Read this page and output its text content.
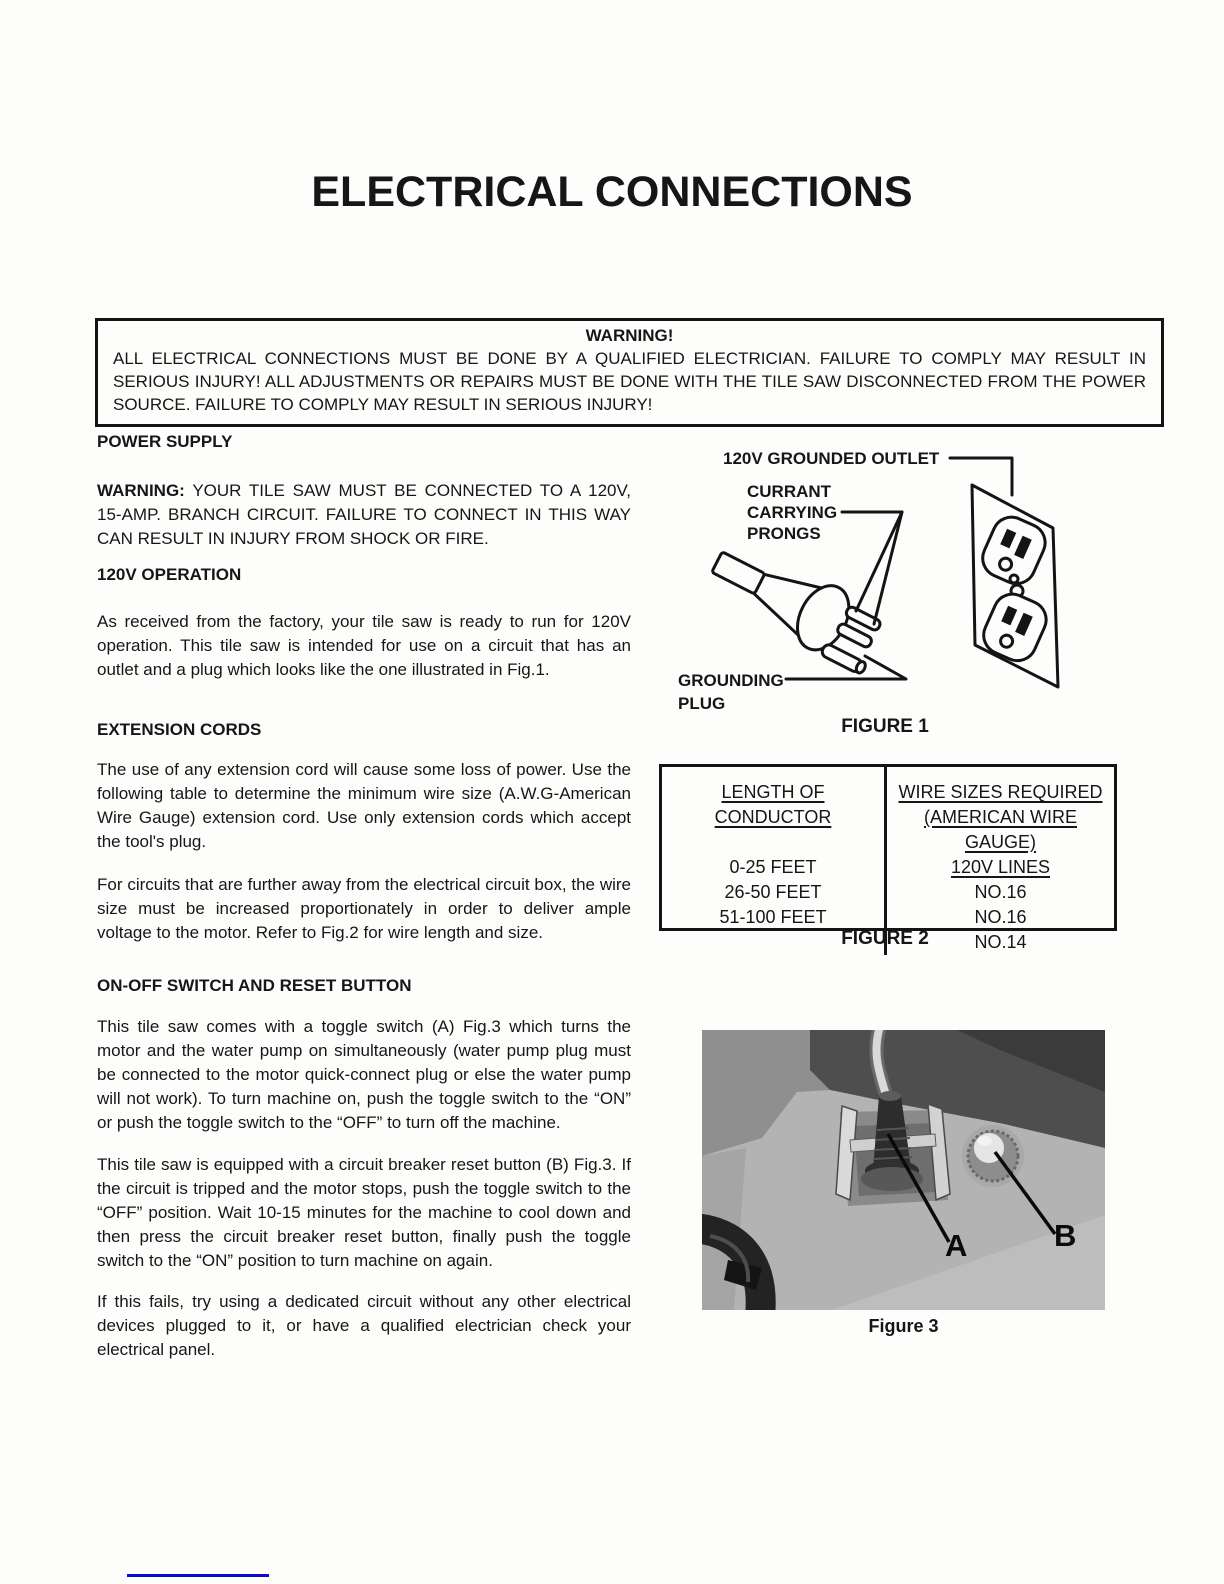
ELECTRICAL CONNECTIONS
WARNING!
ALL ELECTRICAL CONNECTIONS MUST BE DONE BY A QUALIFIED ELECTRICIAN. FAILURE TO COMPLY MAY RESULT IN SERIOUS INJURY! ALL ADJUSTMENTS OR REPAIRS MUST BE DONE WITH THE TILE SAW DISCONNECTED FROM THE POWER SOURCE. FAILURE TO COMPLY MAY RESULT IN SERIOUS INJURY!
POWER SUPPLY
WARNING: YOUR TILE SAW MUST BE CONNECTED TO A 120V, 15-AMP. BRANCH CIRCUIT. FAILURE TO CONNECT IN THIS WAY CAN RESULT IN INJURY FROM SHOCK OR FIRE.
120V OPERATION
As received from the factory, your tile saw is ready to run for 120V operation. This tile saw is intended for use on a circuit that has an outlet and a plug which looks like the one illustrated in Fig.1.
EXTENSION CORDS
The use of any extension cord will cause some loss of power. Use the following table to determine the minimum wire size (A.W.G-American Wire Gauge) extension cord. Use only extension cords which accept the tool's plug.
For circuits that are further away from the electrical circuit box, the wire size must be increased proportionately in order to deliver ample voltage to the motor. Refer to Fig.2 for wire length and size.
ON-OFF SWITCH AND RESET BUTTON
This tile saw comes with a toggle switch (A) Fig.3 which turns the motor and the water pump on simultaneously (water pump plug must be connected to the motor quick-connect plug or else the water pump will not work). To turn machine on, push the toggle switch to the “ON” or push the toggle switch to the “OFF” to turn off the machine.
This tile saw is equipped with a circuit breaker reset button (B) Fig.3. If the circuit is tripped and the motor stops, push the toggle switch to the “OFF” position. Wait 10-15 minutes for the machine to cool down and then press the circuit breaker reset button, finally push the toggle switch to the “ON” position to turn machine on again.
If this fails, try using a dedicated circuit without any other electrical devices plugged to it, or have a qualified electrician check your electrical panel.
120V GROUNDED OUTLET
CURRANT
CARRYING
PRONGS
GROUNDING
PLUG
FIGURE 1
LENGTH OF
CONDUCTOR
0-25 FEET
26-50 FEET
51-100 FEET
WIRE SIZES REQUIRED
(AMERICAN WIRE GAUGE)
120V LINES
NO.16
NO.16
NO.14
FIGURE 2
A	B
Figure 3
